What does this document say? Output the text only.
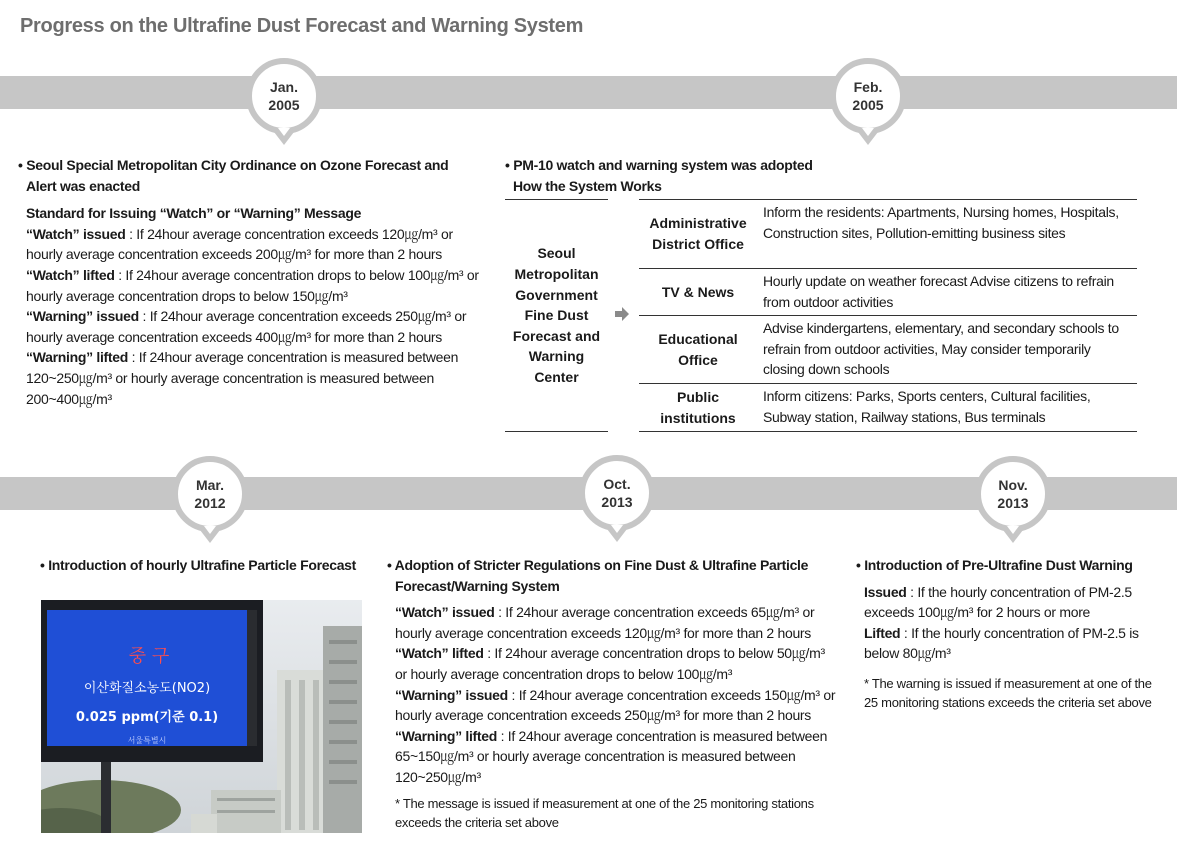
Progress on the Ultrafine Dust Forecast and Warning System
Jan.
2005
Feb.
2005
Mar.
2012
Oct.
2013
Nov.
2013
• Seoul Special Metropolitan City Ordinance on Ozone Forecast and Alert was enacted
Standard for Issuing “Watch” or “Warning” Message
“Watch” issued : If 24hour average concentration exceeds 120㎍/m³ or hourly average concentration exceeds 200㎍/m³ for more than 2 hours
“Watch” lifted : If 24hour average concentration drops to below 100㎍/m³ or hourly average concentration drops to below 150㎍/m³
“Warning” issued : If 24hour average concentration exceeds 250㎍/m³ or hourly average concentration exceeds 400㎍/m³ for more than 2 hours
“Warning” lifted : If 24hour average concentration is measured between 120~250㎍/m³ or hourly average concentration is measured between 200~400㎍/m³
• PM-10 watch and warning system was adopted
How the System Works
Seoul Metropolitan Government Fine Dust Forecast and Warning Center
Administrative District Office
Inform the residents: Apartments, Nursing homes, Hospitals, Construction sites, Pollution-emitting business sites
TV & News
Hourly update on weather forecast Advise citizens to refrain from outdoor activities
Educational Office
Advise kindergartens, elementary, and secondary schools to refrain from outdoor activities, May consider temporarily closing down schools
Public institutions
Inform citizens: Parks, Sports centers, Cultural facilities, Subway station, Railway stations, Bus terminals
• Introduction of hourly Ultrafine Particle Forecast
중 구
이산화질소농도(NO2)
0.025 ppm(기준 0.1)
서울특별시
• Adoption of Stricter Regulations on Fine Dust & Ultrafine Particle Forecast/Warning System
“Watch” issued : If 24hour average concentration exceeds 65㎍/m³ or hourly average concentration exceeds 120㎍/m³ for more than 2 hours
“Watch” lifted : If 24hour average concentration drops to below 50㎍/m³ or hourly average concentration drops to below 100㎍/m³
“Warning” issued : If 24hour average concentration exceeds 150㎍/m³ or hourly average concentration exceeds 250㎍/m³ for more than 2 hours
“Warning” lifted : If 24hour average concentration is measured between 65~150㎍/m³ or hourly average concentration is measured between 120~250㎍/m³
* The message is issued if measurement at one of the 25 monitoring stations exceeds the criteria set above
• Introduction of Pre-Ultrafine Dust Warning
Issued : If the hourly concentration of PM-2.5 exceeds 100㎍/m³ for 2 hours or more
Lifted : If the hourly concentration of PM-2.5 is below 80㎍/m³
* The warning is issued if measurement at one of the 25 monitoring stations exceeds the criteria set above
